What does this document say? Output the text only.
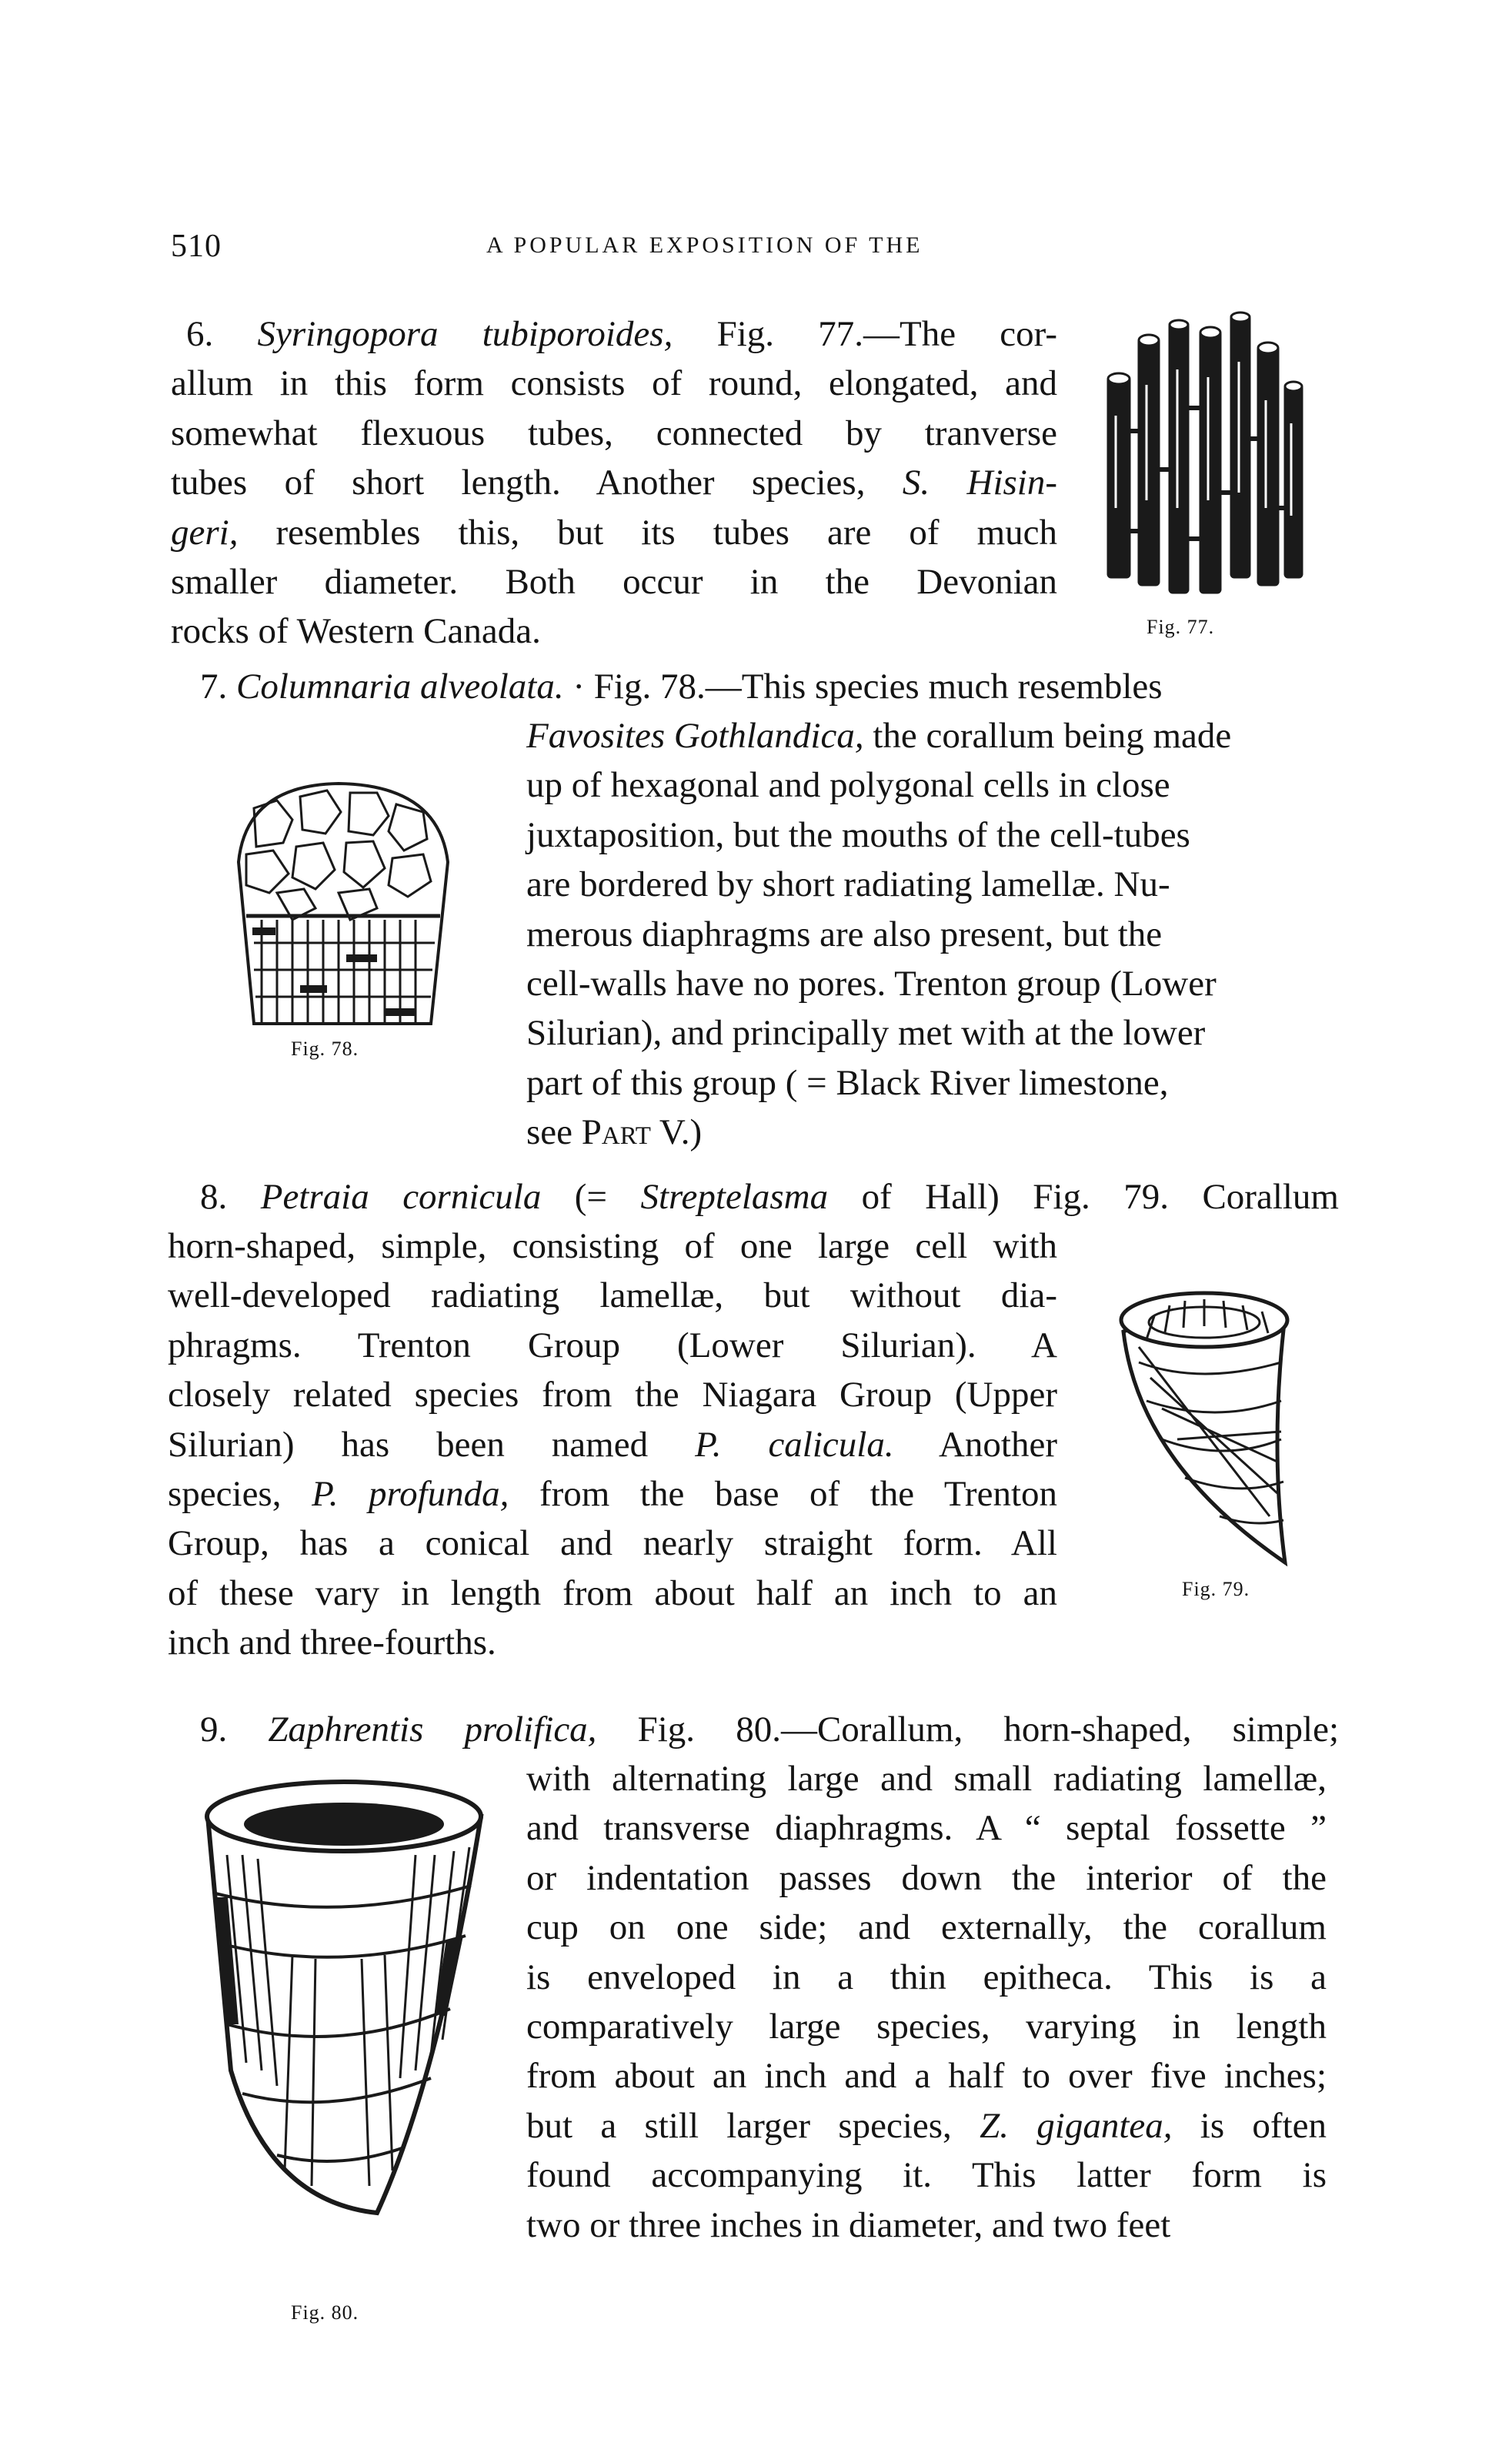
510	A POPULAR EXPOSITION OF THE

6. Syringopora tubiporoides, Fig. 77.—The cor-
allum in this form consists of round, elongated, and
somewhat flexuous tubes, connected by tranverse
tubes of short length. Another species, S. Hisin-
geri, resembles this, but its tubes are of much
smaller diameter. Both occur in the Devonian
rocks of Western Canada.	Fig. 77.

7. Columnaria alveolata. · Fig. 78.—This species much resembles

Favosites Gothlandica, the corallum being made
up of hexagonal and polygonal cells in close
juxtaposition, but the mouths of the cell-tubes
are bordered by short radiating lamellæ. Nu-
merous diaphragms are also present, but the
cell-walls have no pores. Trenton group (Lower
Silurian), and principally met with at the lower
part of this group ( = Black River limestone,
see Part V.)

Fig. 78.

8. Petraia cornicula (= Streptelasma of Hall) Fig. 79. Corallum

horn-shaped, simple, consisting of one large cell with
well-developed radiating lamellæ, but without dia-
phragms. Trenton Group (Lower Silurian). A
closely related species from the Niagara Group (Upper
Silurian) has been named P. calicula. Another
species, P. profunda, from the base of the Trenton
Group, has a conical and nearly straight form. All
of these vary in length from about half an inch to an
inch and three-fourths.

Fig. 79.

9. Zaphrentis prolifica, Fig. 80.—Corallum, horn-shaped, simple;

with alternating large and small radiating lamellæ,
and transverse diaphragms. A “ septal fossette ”
or indentation passes down the interior of the
cup on one side; and externally, the corallum
is enveloped in a thin epitheca. This is a
comparatively large species, varying in length
from about an inch and a half to over five inches;
but a still larger species, Z. gigantea, is often
found accompanying it. This latter form is
two or three inches in diameter, and two feet

Fig. 80.
